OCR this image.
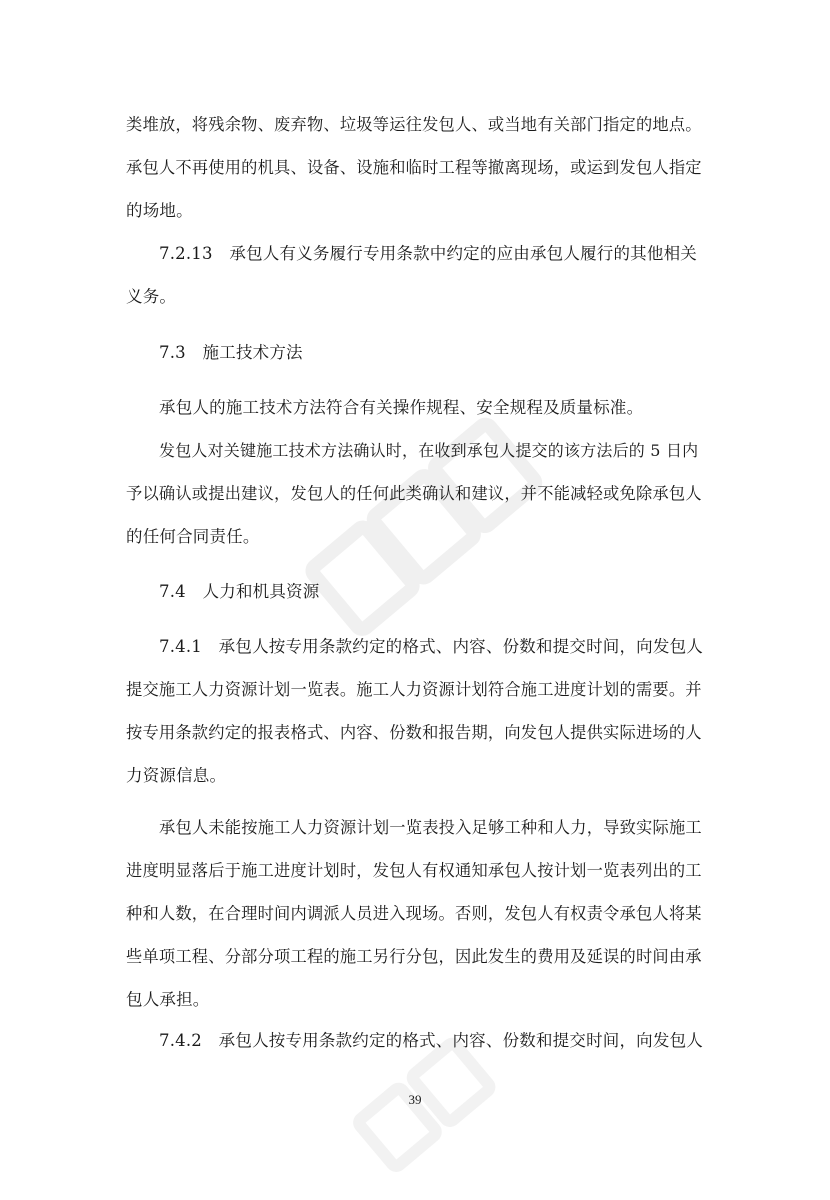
类堆放，将残余物、废弃物、垃圾等运往发包人、或当地有关部门指定的地点。
承包人不再使用的机具、设备、设施和临时工程等撤离现场，或运到发包人指定
的场地。
7.2.13　承包人有义务履行专用条款中约定的应由承包人履行的其他相关
义务。
7.3　施工技术方法
承包人的施工技术方法符合有关操作规程、安全规程及质量标准。
发包人对关键施工技术方法确认时，在收到承包人提交的该方法后的 5 日内
予以确认或提出建议，发包人的任何此类确认和建议，并不能减轻或免除承包人
的任何合同责任。
7.4　人力和机具资源
7.4.1　承包人按专用条款约定的格式、内容、份数和提交时间，向发包人
提交施工人力资源计划一览表。施工人力资源计划符合施工进度计划的需要。并
按专用条款约定的报表格式、内容、份数和报告期，向发包人提供实际进场的人
力资源信息。
承包人未能按施工人力资源计划一览表投入足够工种和人力，导致实际施工
进度明显落后于施工进度计划时，发包人有权通知承包人按计划一览表列出的工
种和人数，在合理时间内调派人员进入现场。否则，发包人有权责令承包人将某
些单项工程、分部分项工程的施工另行分包，因此发生的费用及延误的时间由承
包人承担。
7.4.2　承包人按专用条款约定的格式、内容、份数和提交时间，向发包人
39
